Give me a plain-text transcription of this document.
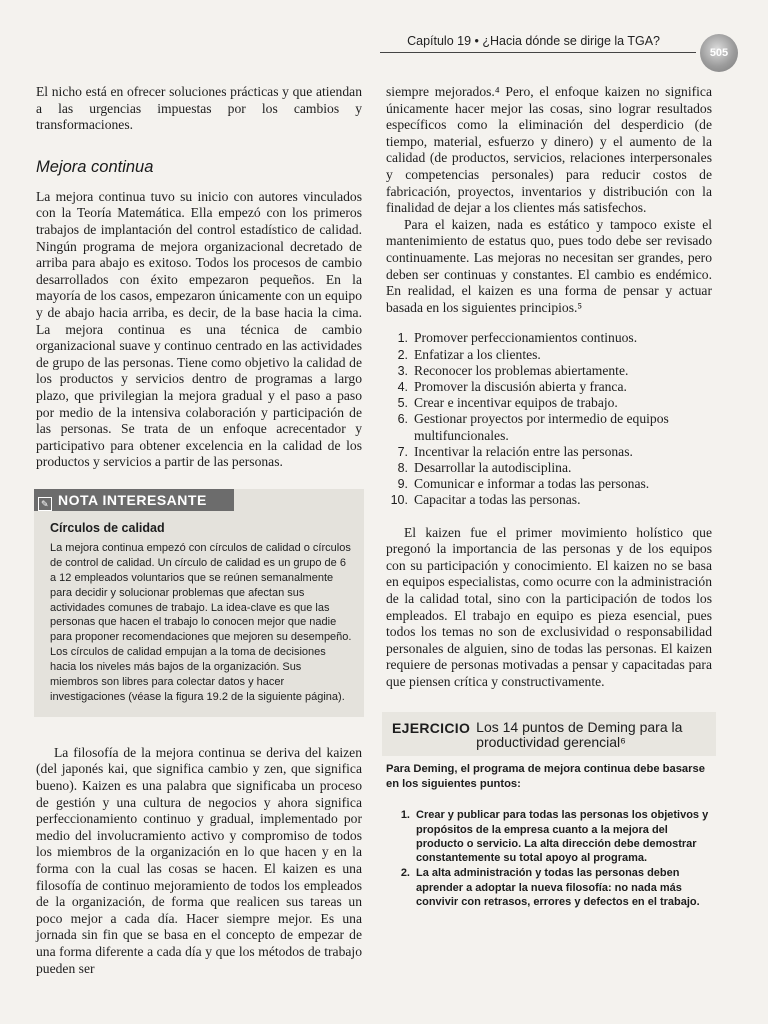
Capítulo 19 • ¿Hacia dónde se dirige la TGA?
505

El nicho está en ofrecer soluciones prácticas y que atiendan a las urgencias impuestas por los cambios y transformaciones.

Mejora continua

La mejora continua tuvo su inicio con autores vinculados con la Teoría Matemática. Ella empezó con los primeros trabajos de implantación del control estadístico de calidad. Ningún programa de mejora organizacional decretado de arriba para abajo es exitoso. Todos los procesos de cambio desarrollados con éxito empezaron pequeños. En la mayoría de los casos, empezaron únicamente con un equipo y de abajo hacia arriba, es decir, de la base hacia la cima. La mejora continua es una técnica de cambio organizacional suave y continuo centrado en las actividades de grupo de las personas. Tiene como objetivo la calidad de los productos y servicios dentro de programas a largo plazo, que privilegian la mejora gradual y el paso a paso por medio de la intensiva colaboración y participación de las personas. Se trata de un enfoque acrecentador y participativo para obtener excelencia en la calidad de los productos y servicios a partir de las personas.

✎ NOTA INTERESANTE
Círculos de calidad

La mejora continua empezó con círculos de calidad o círculos de control de calidad. Un círculo de calidad es un grupo de 6 a 12 empleados voluntarios que se reúnen semanalmente para decidir y solucionar problemas que afectan sus actividades comunes de trabajo. La idea-clave es que las personas que hacen el trabajo lo conocen mejor que nadie para proponer recomendaciones que mejoren su desempeño. Los círculos de calidad empujan a la toma de decisiones hacia los niveles más bajos de la organización. Sus miembros son libres para colectar datos y hacer investigaciones (véase la figura 19.2 de la siguiente página).

La filosofía de la mejora continua se deriva del kaizen (del japonés kai, que significa cambio y zen, que significa bueno). Kaizen es una palabra que significaba un proceso de gestión y una cultura de negocios y ahora significa perfeccionamiento continuo y gradual, implementado por medio del involucramiento activo y compromiso de todos los miembros de la organización en lo que hacen y en la forma con la cual las cosas se hacen. El kaizen es una filosofía de continuo mejoramiento de todos los empleados de la organización, de forma que realicen sus tareas un poco mejor a cada día. Hacer siempre mejor. Es una jornada sin fin que se basa en el concepto de empezar de una forma diferente a cada día y que los métodos de trabajo pueden ser

siempre mejorados.⁴ Pero, el enfoque kaizen no significa únicamente hacer mejor las cosas, sino lograr resultados específicos como la eliminación del desperdicio (de tiempo, material, esfuerzo y dinero) y el aumento de la calidad (de productos, servicios, relaciones interpersonales y competencias personales) para reducir costos de fabricación, proyectos, inventarios y distribución con la finalidad de dejar a los clientes más satisfechos.

Para el kaizen, nada es estático y tampoco existe el mantenimiento de estatus quo, pues todo debe ser revisado continuamente. Las mejoras no necesitan ser grandes, pero deben ser continuas y constantes. El cambio es endémico. En realidad, el kaizen es una forma de pensar y actuar basada en los siguientes principios.⁵

1. Promover perfeccionamientos continuos.
2. Enfatizar a los clientes.
3. Reconocer los problemas abiertamente.
4. Promover la discusión abierta y franca.
5. Crear e incentivar equipos de trabajo.
6. Gestionar proyectos por intermedio de equipos multifuncionales.
7. Incentivar la relación entre las personas.
8. Desarrollar la autodisciplina.
9. Comunicar e informar a todas las personas.
10. Capacitar a todas las personas.

El kaizen fue el primer movimiento holístico que pregonó la importancia de las personas y de los equipos con su participación y conocimiento. El kaizen no se basa en equipos especialistas, como ocurre con la administración de la calidad total, sino con la participación de todos los empleados. El trabajo en equipo es pieza esencial, pues todos los temas no son de exclusividad o responsabilidad personales de alguien, sino de todas las personas. El kaizen requiere de personas motivadas a pensar y capacitadas para que piensen crítica y constructivamente.

EJERCICIO Los 14 puntos de Deming para la productividad gerencial⁶

Para Deming, el programa de mejora continua debe basarse en los siguientes puntos:

1. Crear y publicar para todas las personas los objetivos y propósitos de la empresa cuanto a la mejora del producto o servicio. La alta dirección debe demostrar constantemente su total apoyo al programa.
2. La alta administración y todas las personas deben aprender a adoptar la nueva filosofía: no nada más convivir con retrasos, errores y defectos en el trabajo.
